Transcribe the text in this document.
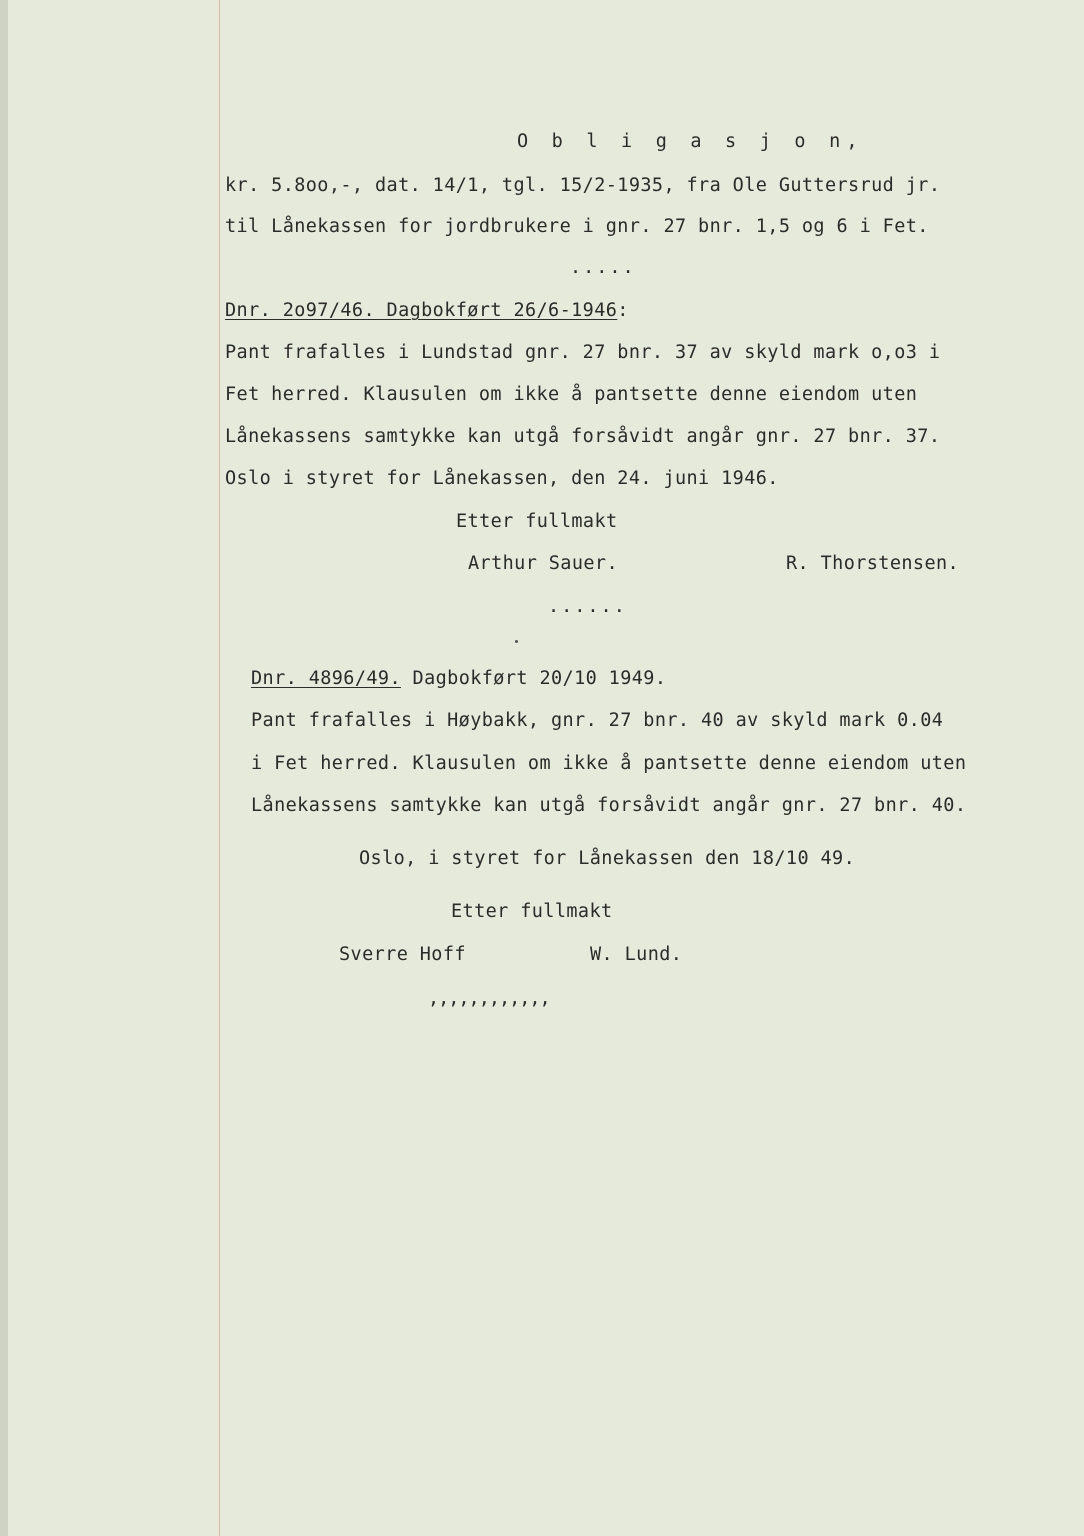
O b l i g a s j o n,
kr. 5.8oo,-, dat. 14/1, tgl. 15/2-1935, fra Ole Guttersrud jr.
til Lånekassen for jordbrukere i gnr. 27 bnr. 1,5 og 6 i Fet.
.....
Dnr. 2o97/46. Dagbokført 26/6-1946:
Pant frafalles i Lundstad gnr. 27 bnr. 37 av skyld mark o,o3 i
Fet herred. Klausulen om ikke å pantsette denne eiendom uten
Lånekassens samtykke kan utgå forsåvidt angår gnr. 27 bnr. 37.
Oslo i styret for Lånekassen, den 24. juni 1946.
Etter fullmakt
Arthur Sauer.	R. Thorstensen.
......
Dnr. 4896/49. Dagbokført 20/10 1949.
Pant frafalles i Høybakk, gnr. 27 bnr. 40 av skyld mark 0.04
i Fet herred. Klausulen om ikke å pantsette denne eiendom uten
Lånekassens samtykke kan utgå forsåvidt angår gnr. 27 bnr. 40.
Oslo, i styret for Lånekassen den 18/10 49.
Etter fullmakt
Sverre Hoff	W. Lund.
,,,,,,,,,,,,
